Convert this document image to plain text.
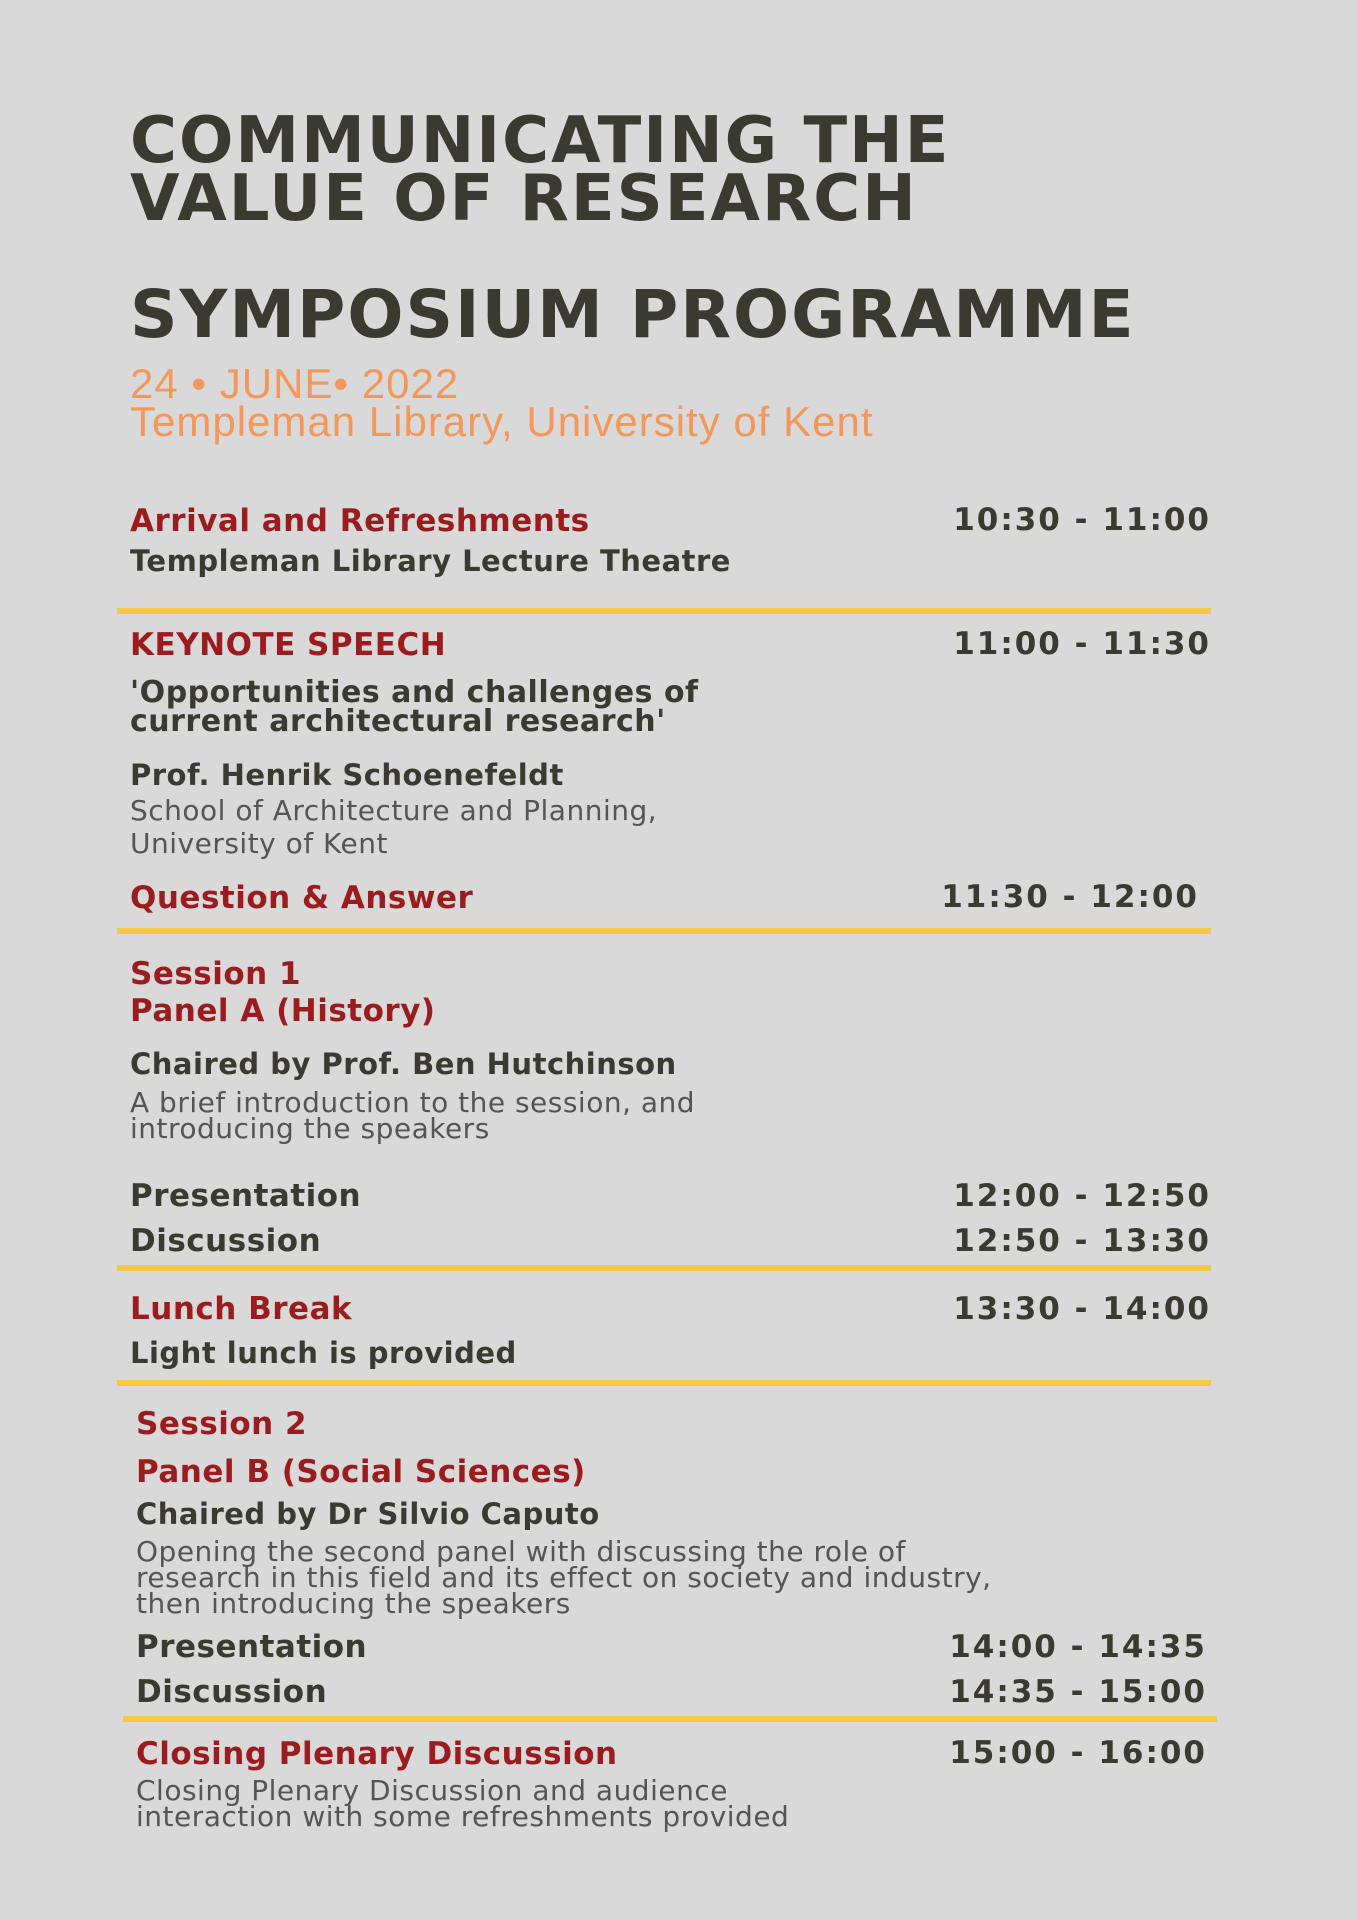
COMMUNICATING THE
VALUE OF RESEARCH
SYMPOSIUM PROGRAMME
24 • JUNE• 2022
Templeman Library, University of Kent
Arrival and Refreshments	10:30 - 11:00
Templeman Library Lecture Theatre
KEYNOTE SPEECH	11:00 - 11:30
'Opportunities and challenges of
current architectural research'
Prof. Henrik Schoenefeldt
School of Architecture and Planning,
University of Kent
Question & Answer	11:30 - 12:00
Session 1
Panel A (History)
Chaired by Prof. Ben Hutchinson
A brief introduction to the session, and
introducing the speakers
Presentation	12:00 - 12:50
Discussion	12:50 - 13:30
Lunch Break	13:30 - 14:00
Light lunch is provided
Session 2
Panel B (Social Sciences)
Chaired by Dr Silvio Caputo
Opening the second panel with discussing the role of
research in this field and its effect on society and industry,
then introducing the speakers
Presentation	14:00 - 14:35
Discussion	14:35 - 15:00
Closing Plenary Discussion	15:00 - 16:00
Closing Plenary Discussion and audience
interaction with some refreshments provided
